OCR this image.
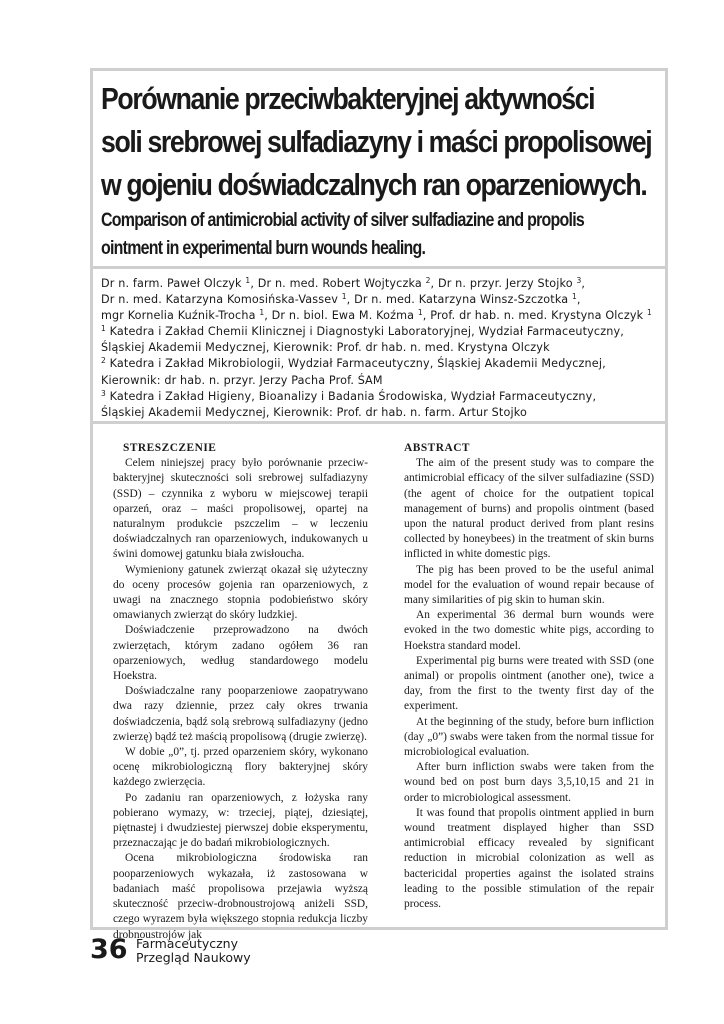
Porównanie przeciwbakteryjnej aktywności
soli srebrowej sulfadiazyny i maści propolisowej
w gojeniu doświadczalnych ran oparzeniowych.
Comparison of antimicrobial activity of silver sulfadiazine and propolis
ointment in experimental burn wounds healing.
Dr n. farm. Paweł Olczyk $^1$, Dr n. med. Robert Wojtyczka $^2$, Dr n. przyr. Jerzy Stojko $^3$,
Dr n. med. Katarzyna Komosińska-Vassev $^1$, Dr n. med. Katarzyna Winsz-Szczotka $^1$,
mgr Kornelia Kuźnik-Trocha $^1$, Dr n. biol. Ewa M. Koźma $^1$, Prof. dr hab. n. med. Krystyna Olczyk $^1$
$^1$ Katedra i Zakład Chemii Klinicznej i Diagnostyki Laboratoryjnej, Wydział Farmaceutyczny,
Śląskiej Akademii Medycznej, Kierownik: Prof. dr hab. n. med. Krystyna Olczyk
$^2$ Katedra i Zakład Mikrobiologii, Wydział Farmaceutyczny, Śląskiej Akademii Medycznej,
Kierownik: dr hab. n. przyr. Jerzy Pacha Prof. ŚAM
$^3$ Katedra i Zakład Higieny, Bioanalizy i Badania Środowiska, Wydział Farmaceutyczny,
Śląskiej Akademii Medycznej, Kierownik: Prof. dr hab. n. farm. Artur Stojko
STRESZCZENIE

Celem niniejszej pracy było porównanie przeciw-bakteryjnej skuteczności soli srebrowej sulfadiazyny (SSD) – czynnika z wyboru w miejscowej terapii oparzeń, oraz – maści propolisowej, opartej na naturalnym produkcie pszczelim – w leczeniu doświadczalnych ran oparzeniowych, indukowanych u świni domowej gatunku biała zwisłoucha.

Wymieniony gatunek zwierząt okazał się użyteczny do oceny procesów gojenia ran oparzeniowych, z uwagi na znacznego stopnia podobieństwo skóry omawianych zwierząt do skóry ludzkiej.

Doświadczenie przeprowadzono na dwóch zwierzętach, którym zadano ogółem 36 ran oparzeniowych, według standardowego modelu Hoekstra.

Doświadczalne rany pooparzeniowe zaopatrywano dwa razy dziennie, przez cały okres trwania doświadczenia, bądź solą srebrową sulfadiazyny (jedno zwierzę) bądź też maścią propolisową (drugie zwierzę).

W dobie „0”, tj. przed oparzeniem skóry, wykonano ocenę mikrobiologiczną flory bakteryjnej skóry każdego zwierzęcia.

Po zadaniu ran oparzeniowych, z łożyska rany pobierano wymazy, w: trzeciej, piątej, dziesiątej, piętnastej i dwudziestej pierwszej dobie eksperymentu, przeznaczając je do badań mikrobiologicznych.

Ocena mikrobiologiczna środowiska ran pooparzeniowych wykazała, iż zastosowana w badaniach maść propolisowa przejawia wyższą skuteczność przeciw-drobnoustrojową aniżeli SSD, czego wyrazem była większego stopnia redukcja liczby drobnoustrojów jak

ABSTRACT

The aim of the present study was to compare the antimicrobial efficacy of the silver sulfadiazine (SSD) (the agent of choice for the outpatient topical management of burns) and propolis ointment (based upon the natural product derived from plant resins collected by honeybees) in the treatment of skin burns inflicted in white domestic pigs.

The pig has been proved to be the useful animal model for the evaluation of wound repair because of many similarities of pig skin to human skin.

An experimental 36 dermal burn wounds were evoked in the two domestic white pigs, according to Hoekstra standard model.

Experimental pig burns were treated with SSD (one animal) or propolis ointment (another one), twice a day, from the first to the twenty first day of the experiment.

At the beginning of the study, before burn infliction (day „0”) swabs were taken from the normal tissue for microbiological evaluation.

After burn infliction swabs were taken from the wound bed on post burn days 3,5,10,15 and 21 in order to microbiological assessment.

It was found that propolis ointment applied in burn wound treatment displayed higher than SSD antimicrobial efficacy revealed by significant reduction in microbial colonization as well as bactericidal properties against the isolated strains leading to the possible stimulation of the repair process.

36 Farmaceutyczny
Przegląd Naukowy
